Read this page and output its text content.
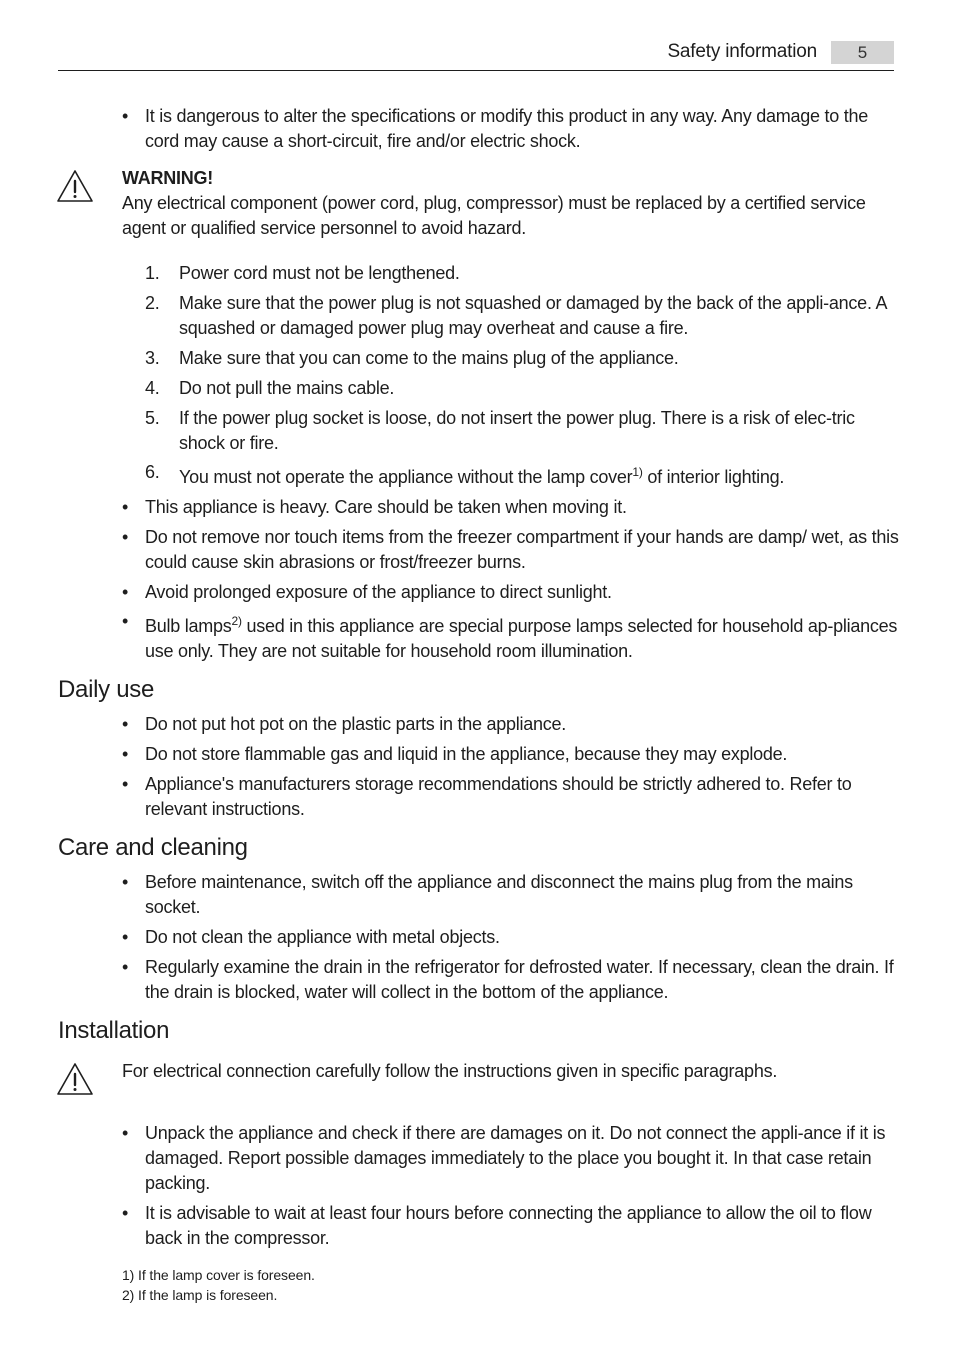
Safety information	5
• It is dangerous to alter the specifications or modify this product in any way. Any damage to the cord may cause a short-circuit, fire and/or electric shock.
WARNING!
Any electrical component (power cord, plug, compressor) must be replaced by a certified service agent or qualified service personnel to avoid hazard.
1.	Power cord must not be lengthened.
2.	Make sure that the power plug is not squashed or damaged by the back of the appli-ance. A squashed or damaged power plug may overheat and cause a fire.
3.	Make sure that you can come to the mains plug of the appliance.
4.	Do not pull the mains cable.
5.	If the power plug socket is loose, do not insert the power plug. There is a risk of elec-tric shock or fire.
6.	You must not operate the appliance without the lamp cover$^{1)}$ of interior lighting.
• This appliance is heavy. Care should be taken when moving it.
• Do not remove nor touch items from the freezer compartment if your hands are damp/ wet, as this could cause skin abrasions or frost/freezer burns.
• Avoid prolonged exposure of the appliance to direct sunlight.
• Bulb lamps$^{2)}$ used in this appliance are special purpose lamps selected for household ap-pliances use only. They are not suitable for household room illumination.
Daily use
• Do not put hot pot on the plastic parts in the appliance.
• Do not store flammable gas and liquid in the appliance, because they may explode.
• Appliance's manufacturers storage recommendations should be strictly adhered to. Refer to relevant instructions.
Care and cleaning
• Before maintenance, switch off the appliance and disconnect the mains plug from the mains socket.
• Do not clean the appliance with metal objects.
• Regularly examine the drain in the refrigerator for defrosted water. If necessary, clean the drain. If the drain is blocked, water will collect in the bottom of the appliance.
Installation
For electrical connection carefully follow the instructions given in specific paragraphs.
• Unpack the appliance and check if there are damages on it. Do not connect the appli-ance if it is damaged. Report possible damages immediately to the place you bought it. In that case retain packing.
• It is advisable to wait at least four hours before connecting the appliance to allow the oil to flow back in the compressor.
1) If the lamp cover is foreseen.
2) If the lamp is foreseen.
